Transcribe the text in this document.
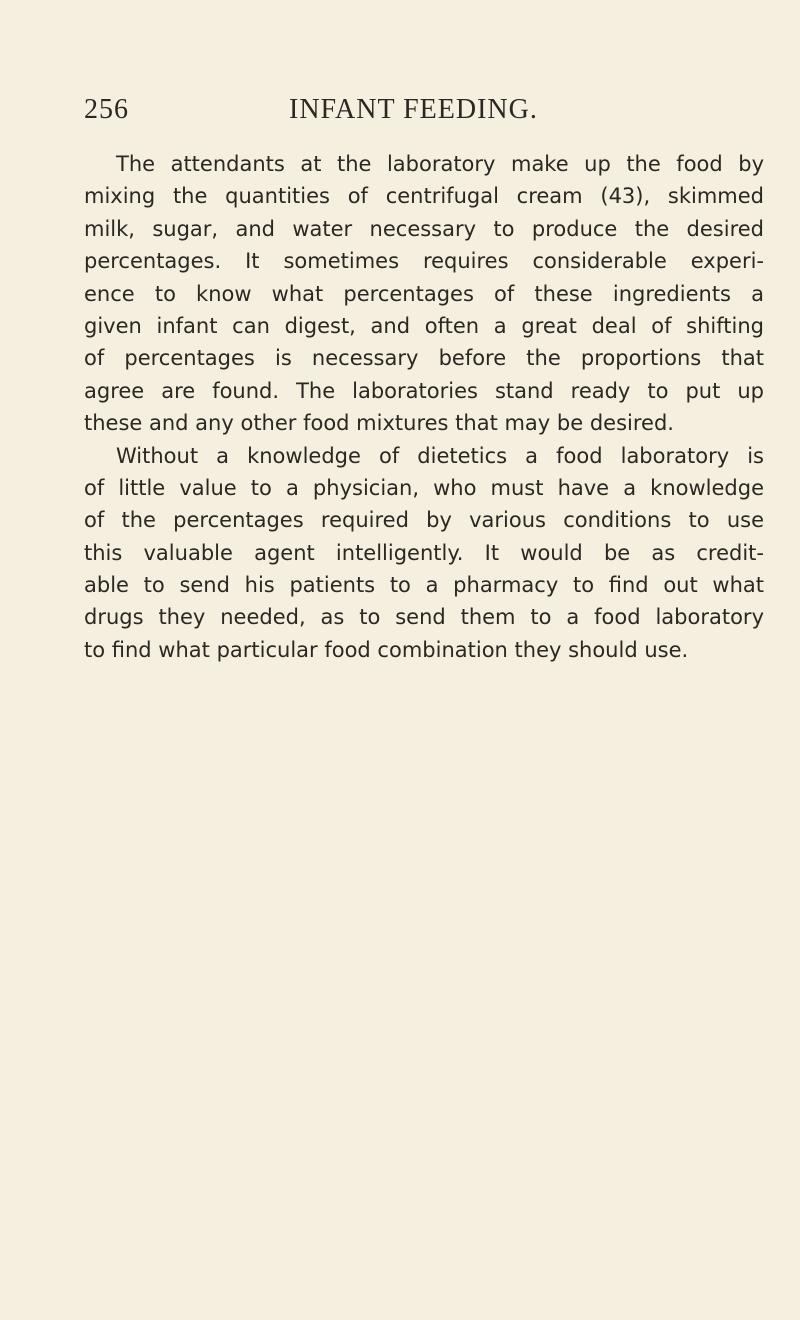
256	INFANT FEEDING.
The attendants at the laboratory make up the food by
mixing the quantities of centrifugal cream (43), skimmed
milk, sugar, and water necessary to produce the desired
percentages. It sometimes requires considerable experi-
ence to know what percentages of these ingredients a
given infant can digest, and often a great deal of shifting
of percentages is necessary before the proportions that
agree are found. The laboratories stand ready to put up
these and any other food mixtures that may be desired.
Without a knowledge of dietetics a food laboratory is
of little value to a physician, who must have a knowledge
of the percentages required by various conditions to use
this valuable agent intelligently. It would be as credit-
able to send his patients to a pharmacy to find out what
drugs they needed, as to send them to a food laboratory
to find what particular food combination they should use.
